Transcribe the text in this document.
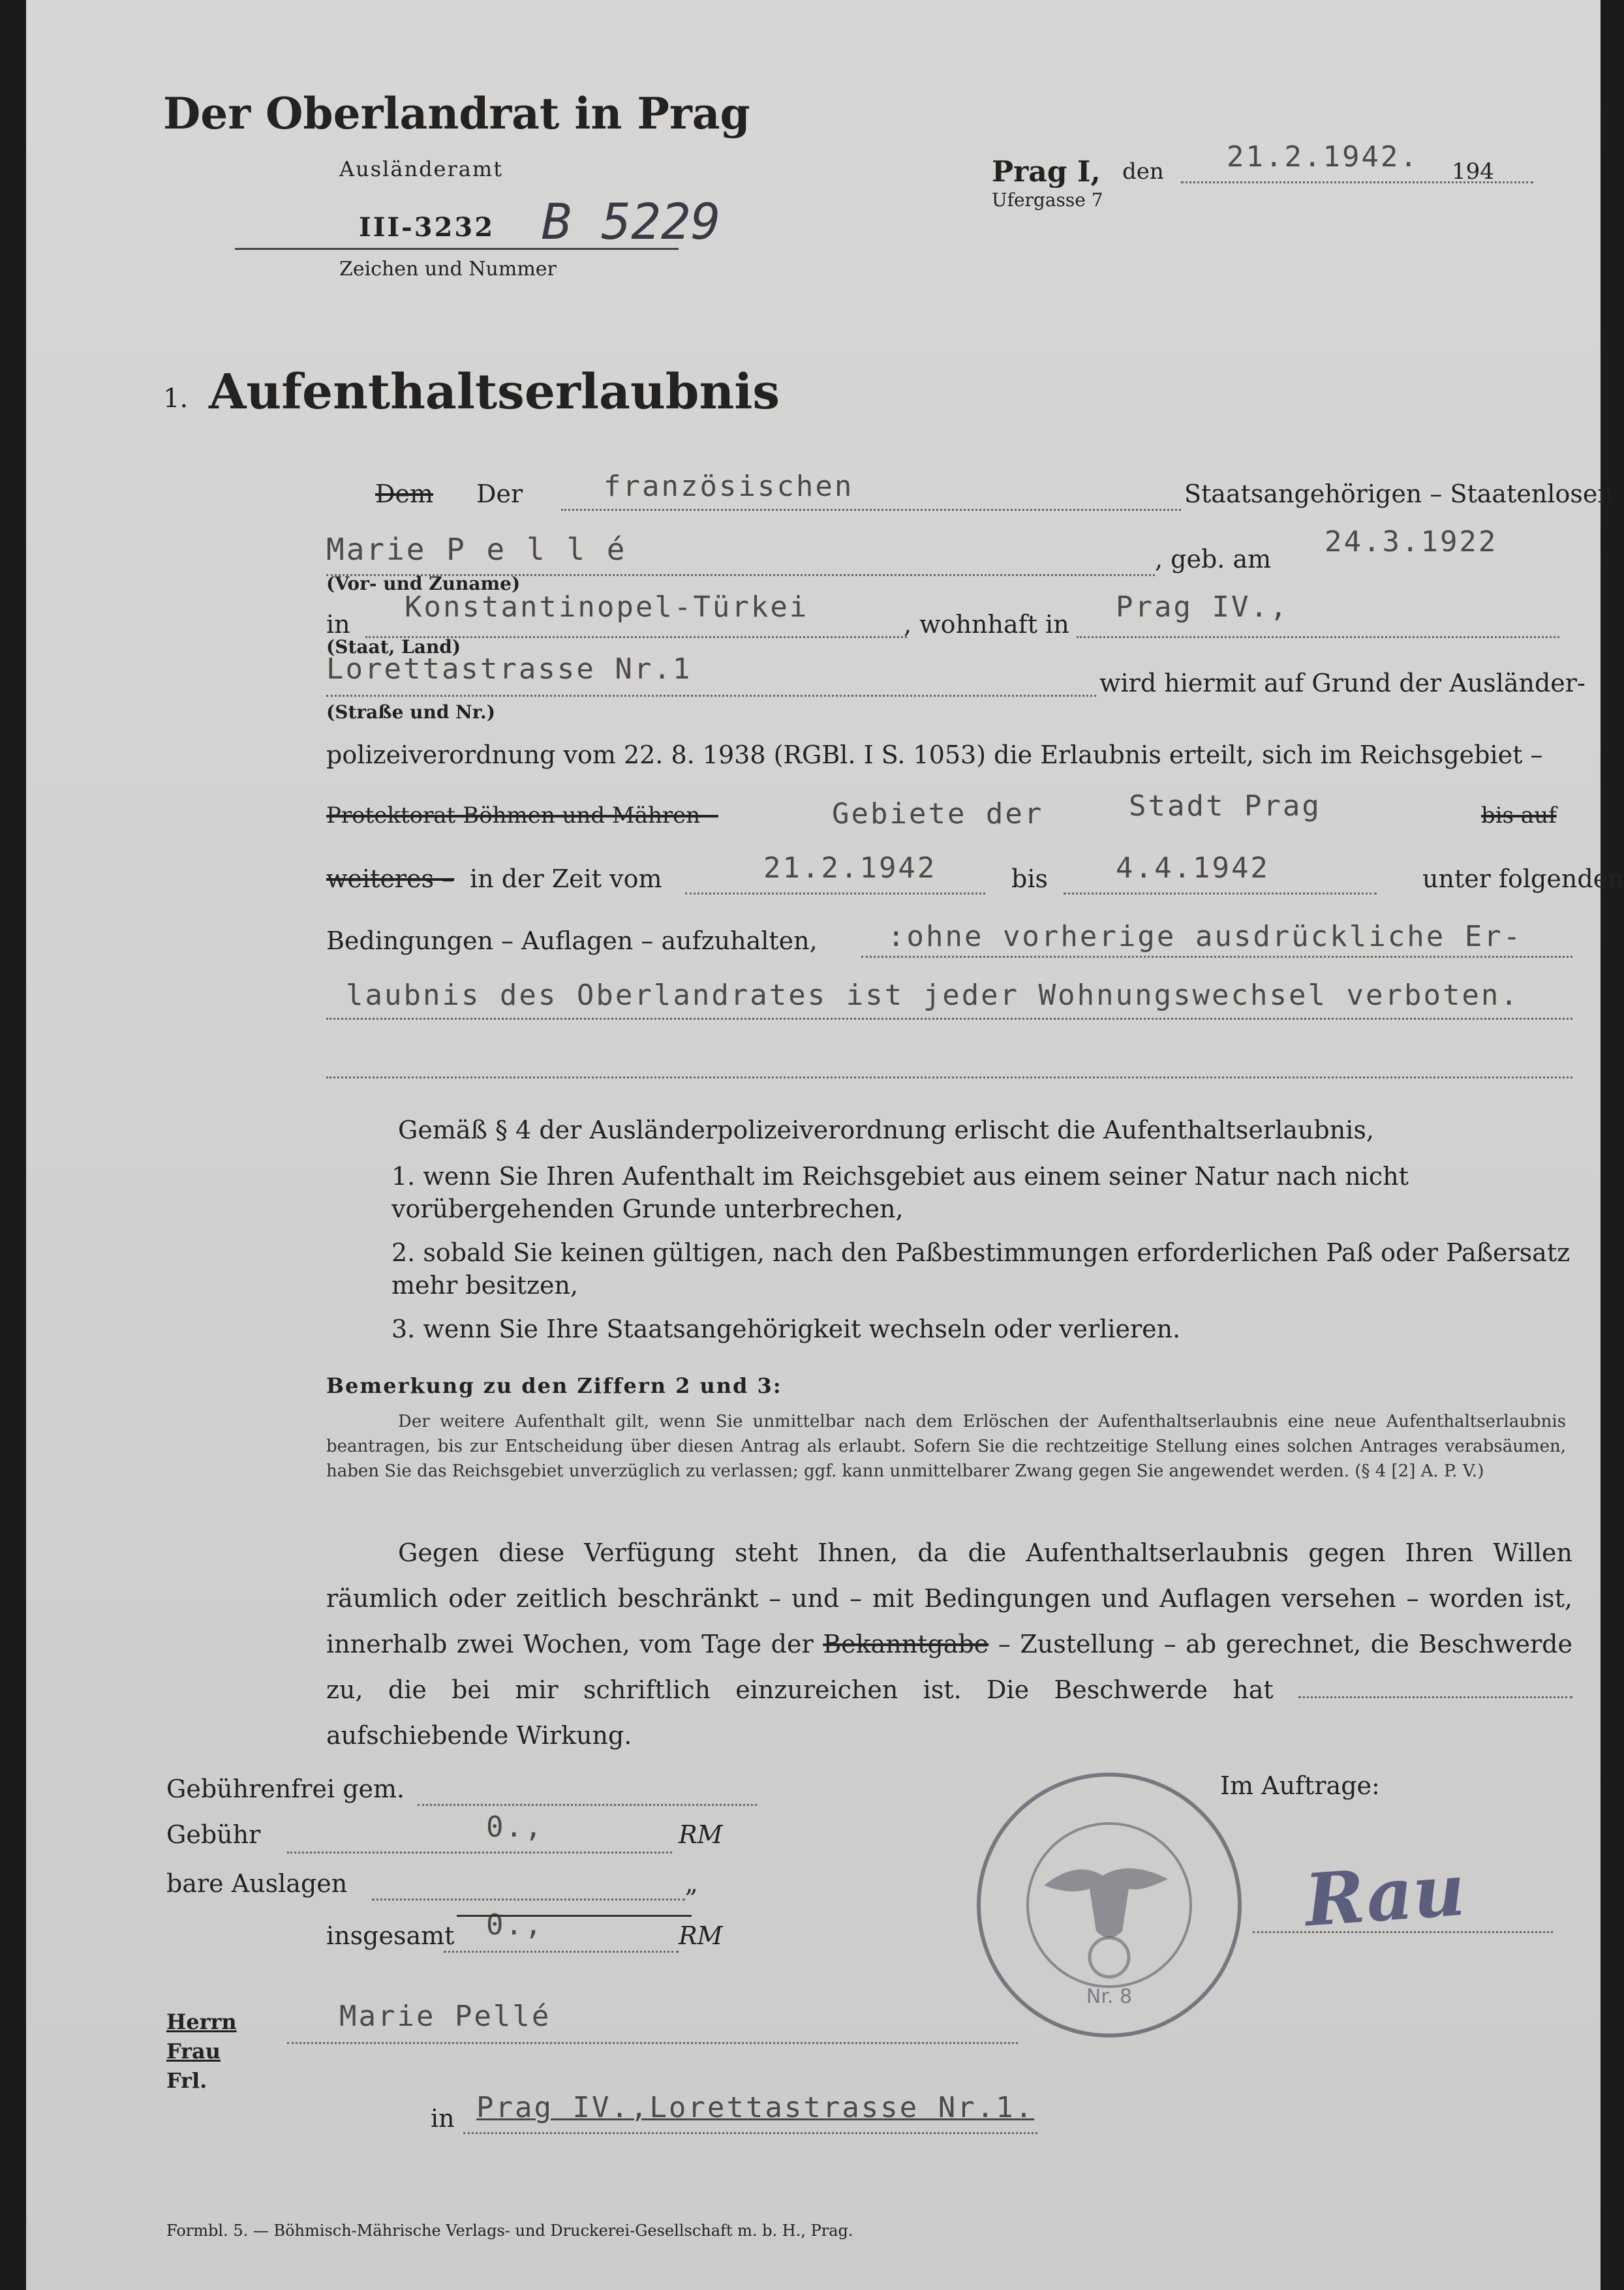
Der Oberlandrat in Prag
Ausländeramt
III-3232 B 5229
Zeichen und Nummer
Prag I, den 21.2.1942. 194
Ufergasse 7
1. Aufenthaltserlaubnis
Dem Der	französischen	Staatsangehörigen – Staatenlosen
Marie P e l l é	, geb. am
24.3.1922
(Vor- und Zuname)
in
Konstantinopel-Türkei
, wohnhaft in
Prag IV.,
(Staat, Land)
Lorettastrasse Nr.1	wird hiermit auf Grund der Ausländer-
(Straße und Nr.)
polizeiverordnung vom 22. 8. 1938 (RGBl. I S. 1053) die Erlaubnis erteilt, sich im Reichsgebiet –
Protektorat Böhmen und Mähren –	Gebiete der	Stadt Prag	bis auf
weiteres – in der Zeit vom	21.2.1942	bis 4.4.1942	unter folgenden
Bedingungen – Auflagen – aufzuhalten, :ohne vorherige ausdrückliche Er-
laubnis des Oberlandrates ist jeder Wohnungswechsel verboten.
Gemäß § 4 der Ausländerpolizeiverordnung erlischt die Aufenthaltserlaubnis,
1. wenn Sie Ihren Aufenthalt im Reichsgebiet aus einem seiner Natur nach nicht vorübergehenden Grunde unterbrechen,
2. sobald Sie keinen gültigen, nach den Paßbestimmungen erforderlichen Paß oder Paßersatz mehr besitzen,
3. wenn Sie Ihre Staatsangehörigkeit wechseln oder verlieren.
Bemerkung zu den Ziffern 2 und 3:
Der weitere Aufenthalt gilt, wenn Sie unmittelbar nach dem Erlöschen der Aufenthaltserlaubnis eine neue Aufenthaltserlaubnis beantragen, bis zur Entscheidung über diesen Antrag als erlaubt. Sofern Sie die rechtzeitige Stellung eines solchen Antrages verabsäumen, haben Sie das Reichsgebiet unverzüglich zu verlassen; ggf. kann unmittelbarer Zwang gegen Sie angewendet werden. (§ 4 [2] A. P. V.)
Gegen diese Verfügung steht Ihnen, da die Aufenthaltserlaubnis gegen Ihren Willen räumlich oder zeitlich beschränkt – und – mit Bedingungen und Auflagen versehen – worden ist, innerhalb zwei Wochen, vom Tage der Bekanntgabe – Zustellung – ab gerechnet, die Beschwerde zu, die bei mir schriftlich einzureichen ist. Die Beschwerde hat  aufschiebende Wirkung.
Gebührenfrei gem.
Gebühr	0.,	RM
bare Auslagen	„
insgesamt 0.,	RM
Im Auftrage:
Nr. 8
Rau
Herrn
Frau
Frl.
Marie Pellé
in Prag IV.,Lorettastrasse Nr.1.
Formbl. 5. — Böhmisch-Mährische Verlags- und Druckerei-Gesellschaft m. b. H., Prag.
